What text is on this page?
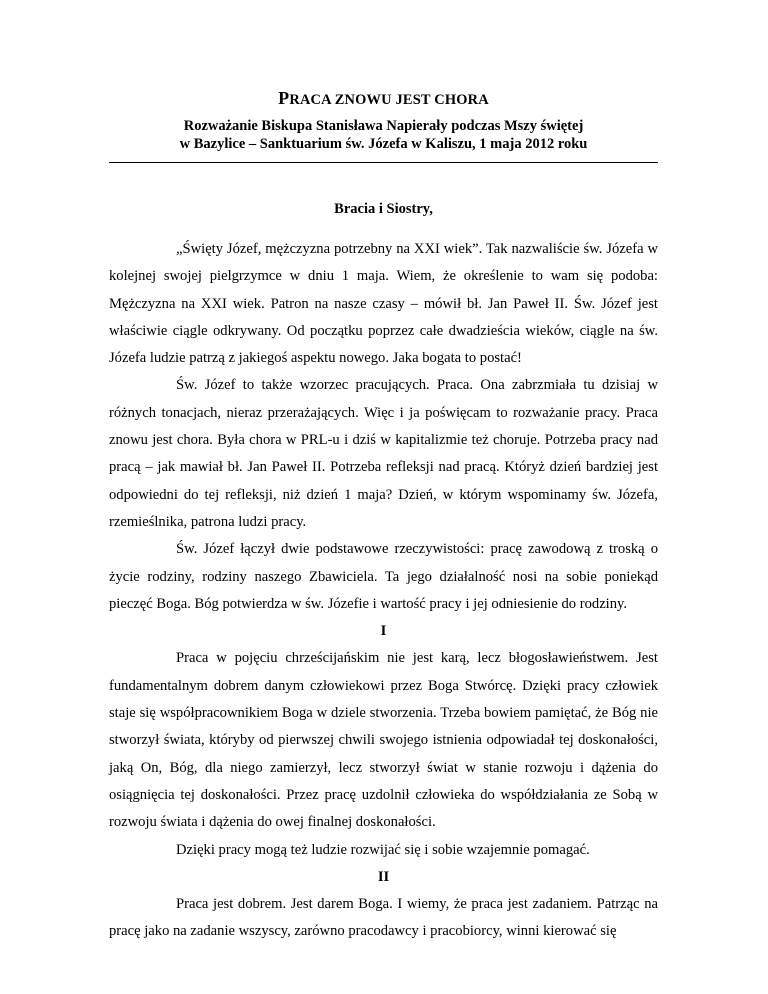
PRACA ZNOWU JEST CHORA
Rozważanie Biskupa Stanisława Napierały podczas Mszy świętej
w Bazylice – Sanktuarium św. Józefa w Kaliszu, 1 maja 2012 roku
Bracia i Siostry,

„Święty Józef, mężczyzna potrzebny na XXI wiek”. Tak nazwaliście św. Józefa w kolejnej swojej pielgrzymce w dniu 1 maja. Wiem, że określenie to wam się podoba: Mężczyzna na XXI wiek. Patron na nasze czasy – mówił bł. Jan Paweł II. Św. Józef jest właściwie ciągle odkrywany. Od początku poprzez całe dwadzieścia wieków, ciągle na św. Józefa ludzie patrzą z jakiegoś aspektu nowego. Jaka bogata to postać!

Św. Józef to także wzorzec pracujących. Praca. Ona zabrzmiała tu dzisiaj w różnych tonacjach, nieraz przerażających. Więc i ja poświęcam to rozważanie pracy. Praca znowu jest chora. Była chora w PRL-u i dziś w kapitalizmie też choruje. Potrzeba pracy nad pracą – jak mawiał bł. Jan Paweł II. Potrzeba refleksji nad pracą. Któryż dzień bardziej jest odpowiedni do tej refleksji, niż dzień 1 maja? Dzień, w którym wspominamy św. Józefa, rzemieślnika, patrona ludzi pracy.

Św. Józef łączył dwie podstawowe rzeczywistości: pracę zawodową z troską o życie rodziny, rodziny naszego Zbawiciela. Ta jego działalność nosi na sobie poniekąd pieczęć Boga. Bóg potwierdza w św. Józefie i wartość pracy i jej odniesienie do rodziny.

I

Praca w pojęciu chrześcijańskim nie jest karą, lecz błogosławieństwem. Jest fundamentalnym dobrem danym człowiekowi przez Boga Stwórcę. Dzięki pracy człowiek staje się współpracownikiem Boga w dziele stworzenia. Trzeba bowiem pamiętać, że Bóg nie stworzył świata, któryby od pierwszej chwili swojego istnienia odpowiadał tej doskonałości, jaką On, Bóg, dla niego zamierzył, lecz stworzył świat w stanie rozwoju i dążenia do osiągnięcia tej doskonałości. Przez pracę uzdolnił człowieka do współdziałania ze Sobą w rozwoju świata i dążenia do owej finalnej doskonałości.

Dzięki pracy mogą też ludzie rozwijać się i sobie wzajemnie pomagać.

II

Praca jest dobrem. Jest darem Boga. I wiemy, że praca jest zadaniem. Patrząc na pracę jako na zadanie wszyscy, zarówno pracodawcy i pracobiorcy, winni kierować się
